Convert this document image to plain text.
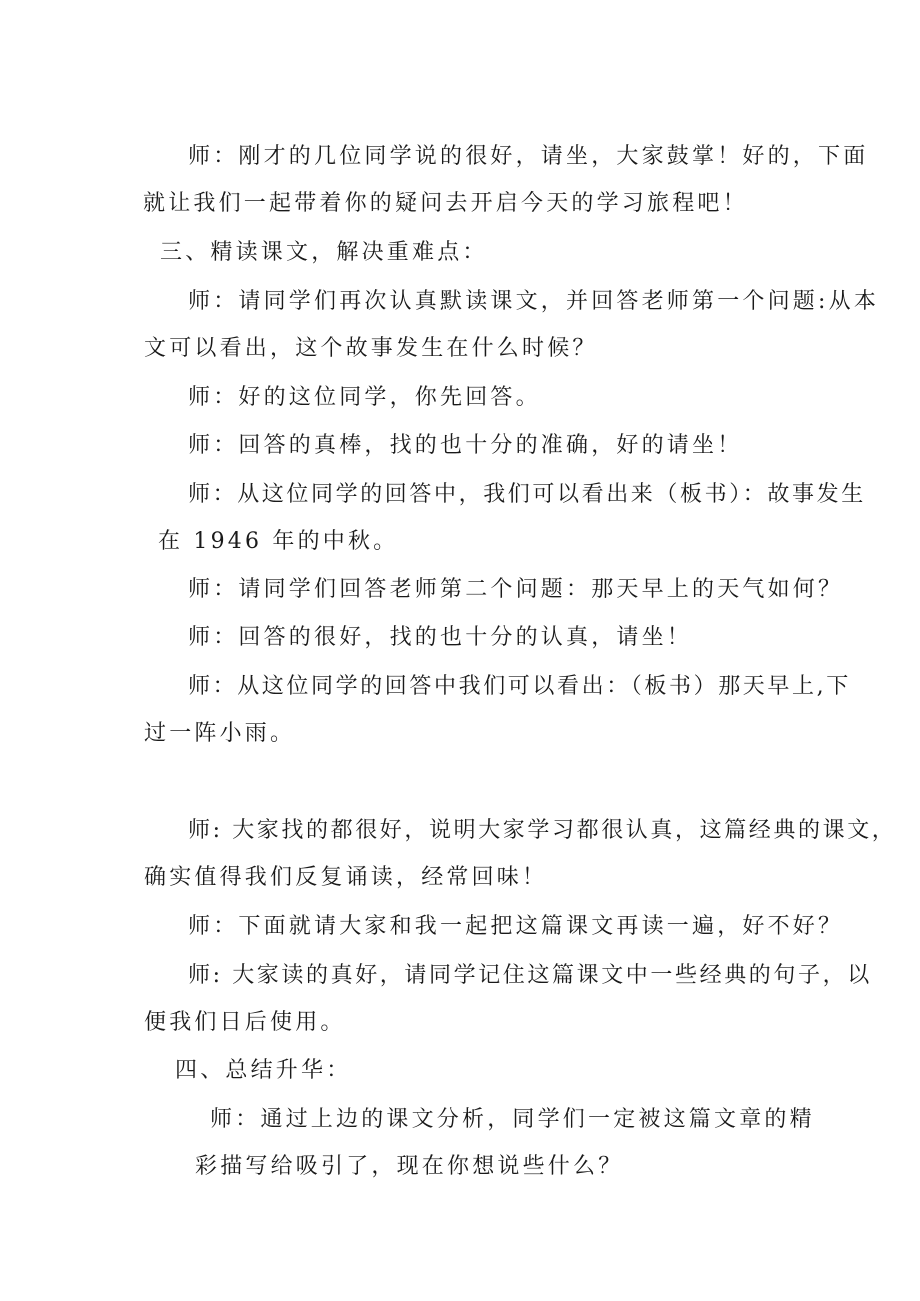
师：刚才的几位同学说的很好，请坐，大家鼓掌！好的，下面
就让我们一起带着你的疑问去开启今天的学习旅程吧！
三、精读课文，解决重难点：
师：请同学们再次认真默读课文，并回答老师第一个问题:从本
文可以看出，这个故事发生在什么时候？
师：好的这位同学，你先回答。
师：回答的真棒，找的也十分的准确，好的请坐！
师：从这位同学的回答中，我们可以看出来（板书）：故事发生
在 1946 年的中秋。
师：请同学们回答老师第二个问题：那天早上的天气如何？
师：回答的很好，找的也十分的认真，请坐！
师：从这位同学的回答中我们可以看出：（板书）那天早上,下
过一阵小雨。
师: 大家找的都很好，说明大家学习都很认真，这篇经典的课文，
确实值得我们反复诵读，经常回味！
师：下面就请大家和我一起把这篇课文再读一遍，好不好？
师: 大家读的真好，请同学记住这篇课文中一些经典的句子，以
便我们日后使用。
四、总结升华：
师：通过上边的课文分析，同学们一定被这篇文章的精
彩描写给吸引了，现在你想说些什么？
